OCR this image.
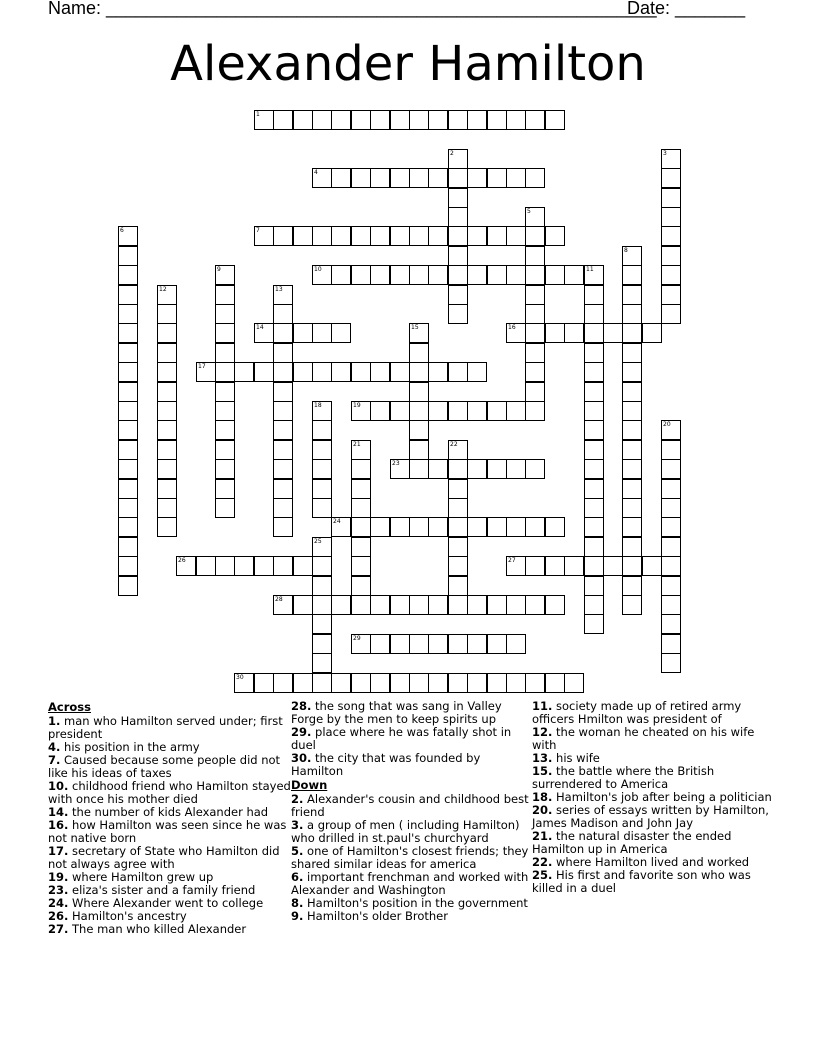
Name: _______________________________________________________

Date: _______

Alexander Hamilton
1
2	3
4
5
6	7
8
9	10	11
12	13
14	15	16
17
18	19
20
21	22
23
24
25
26	27
28
29
30
Across
1. man who Hamilton served under; first president
4. his position in the army
7. Caused because some people did not like his ideas of taxes
10. childhood friend who Hamilton stayed with once his mother died
14. the number of kids Alexander had
16. how Hamilton was seen since he was not native born
17. secretary of State who Hamilton did not always agree with
19. where Hamilton grew up
23. eliza's sister and a family friend
24. Where Alexander went to college
26. Hamilton's ancestry
27. The man who killed Alexander
28. the song that was sang in Valley Forge by the men to keep spirits up
29. place where he was fatally shot in duel
30. the city that was founded by Hamilton
Down
2. Alexander's cousin and childhood best friend
3. a group of men ( including Hamilton) who drilled in st.paul's churchyard
5. one of Hamilton's closest friends; they shared similar ideas for america
6. important frenchman and worked with Alexander and Washington
8. Hamilton's position in the government
9. Hamilton's older Brother
11. society made up of retired army officers Hmilton was president of
12. the woman he cheated on his wife with
13. his wife
15. the battle where the British surrendered to America
18. Hamilton's job after being a politician
20. series of essays written by Hamilton, James Madison and John Jay
21. the natural disaster the ended Hamilton up in America
22. where Hamilton lived and worked
25. His first and favorite son who was killed in a duel
